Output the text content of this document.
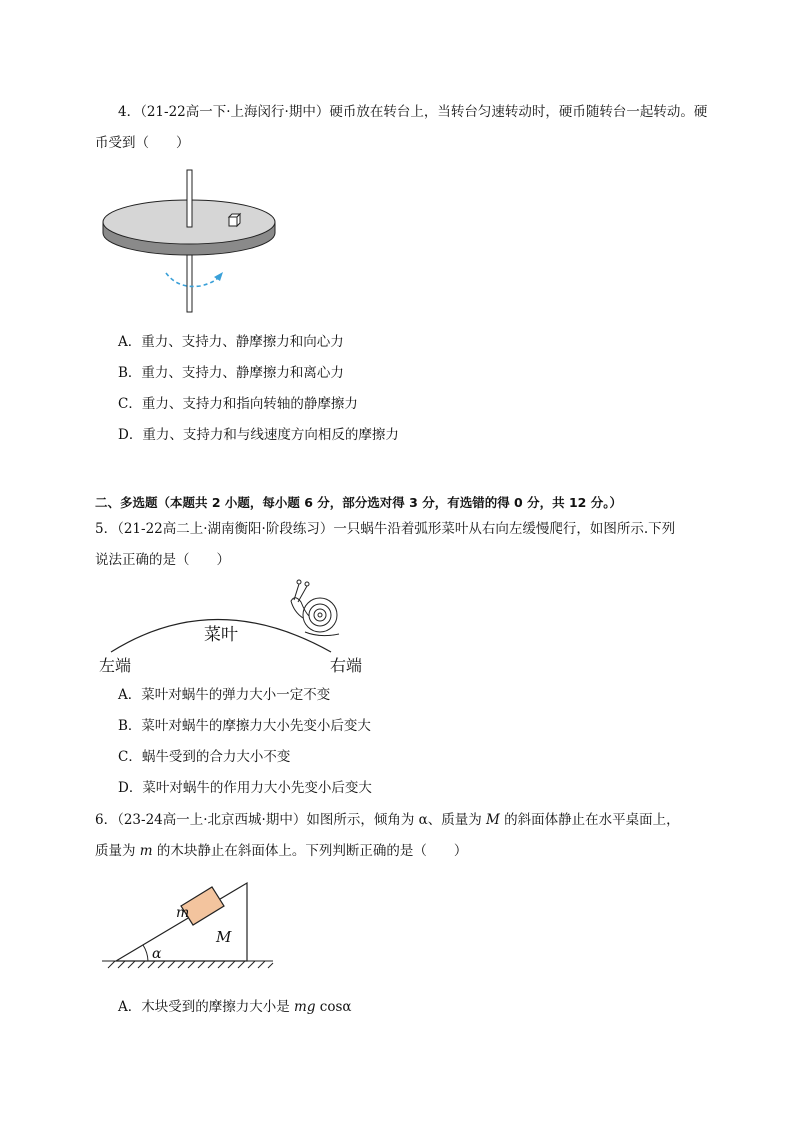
4．（21-22高一下·上海闵行·期中）硬币放在转台上，当转台匀速转动时，硬币随转台一起转动。硬
币受到（　　）
A．重力、支持力、静摩擦力和向心力
B．重力、支持力、静摩擦力和离心力
C．重力、支持力和指向转轴的静摩擦力
D．重力、支持力和与线速度方向相反的摩擦力
二、多选题（本题共 2 小题，每小题 6 分，部分选对得 3 分，有选错的得 0 分，共 12 分。）
5．（21-22高二上·湖南衡阳·阶段练习）一只蜗牛沿着弧形菜叶从右向左缓慢爬行，如图所示.下列
说法正确的是（　　）
菜叶
左端	右端
A．菜叶对蜗牛的弹力大小一定不变
B．菜叶对蜗牛的摩擦力大小先变小后变大
C．蜗牛受到的合力大小不变
D．菜叶对蜗牛的作用力大小先变小后变大
6．（23-24高一上·北京西城·期中）如图所示，倾角为 α、质量为 M 的斜面体静止在水平桌面上，
质量为 m 的木块静止在斜面体上。下列判断正确的是（　　）
m
M
α
A．木块受到的摩擦力大小是 mg cosα
